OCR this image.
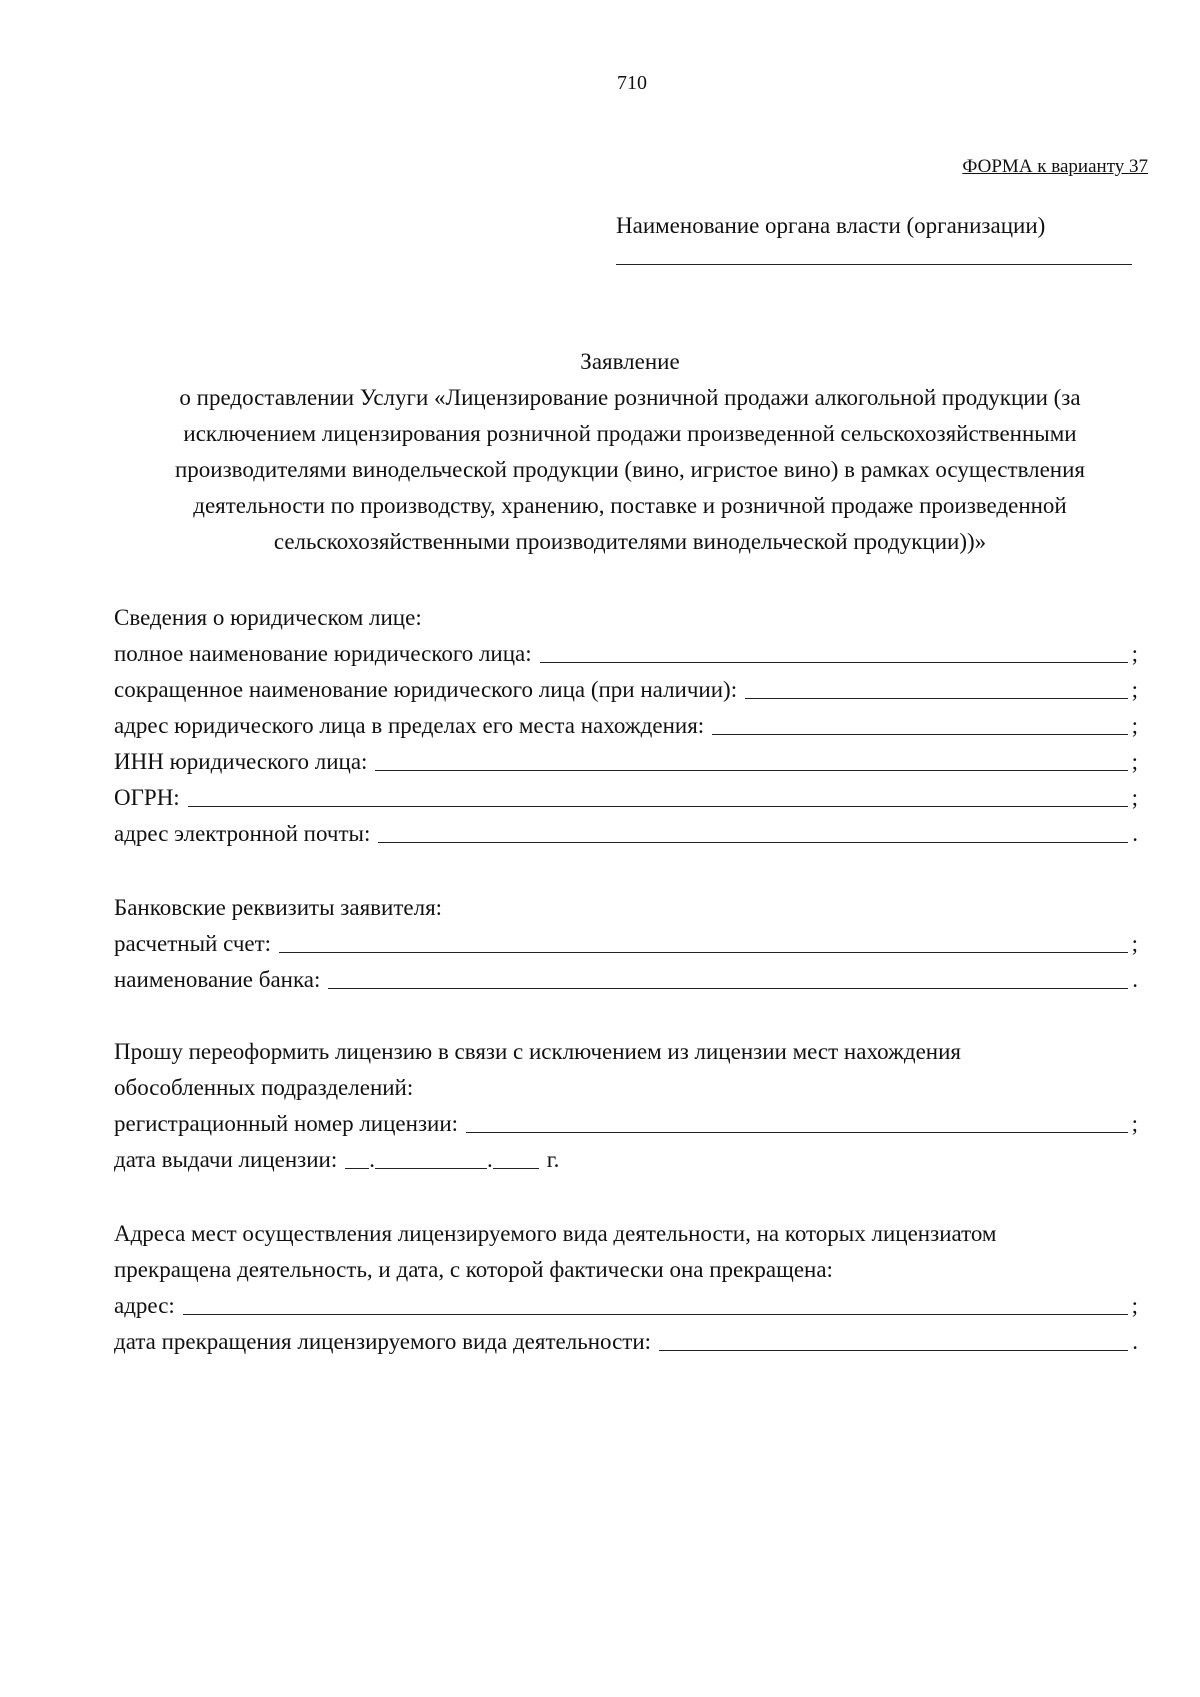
710
ФОРМА к варианту 37
Наименование органа власти (организации)
Заявление
о предоставлении Услуги «Лицензирование розничной продажи алкогольной продукции (за
исключением лицензирования розничной продажи произведенной сельскохозяйственными
производителями винодельческой продукции (вино, игристое вино) в рамках осуществления
деятельности по производству, хранению, поставке и розничной продаже произведенной
сельскохозяйственными производителями винодельческой продукции))»
Сведения о юридическом лице:
полное наименование юридического лица:	;
сокращенное наименование юридического лица (при наличии):	;
адрес юридического лица в пределах его места нахождения:	;
ИНН юридического лица:	;
ОГРН:	;
адрес электронной почты:	.
Банковские реквизиты заявителя:
расчетный счет:	;
наименование банка:	.
Прошу переоформить лицензию в связи с исключением из лицензии мест нахождения
обособленных подразделений:
регистрационный номер лицензии:	;
дата выдачи лицензии: .	. г.
Адреса мест осуществления лицензируемого вида деятельности, на которых лицензиатом
прекращена деятельность, и дата, с которой фактически она прекращена:
адрес:	;
дата прекращения лицензируемого вида деятельности:	.
